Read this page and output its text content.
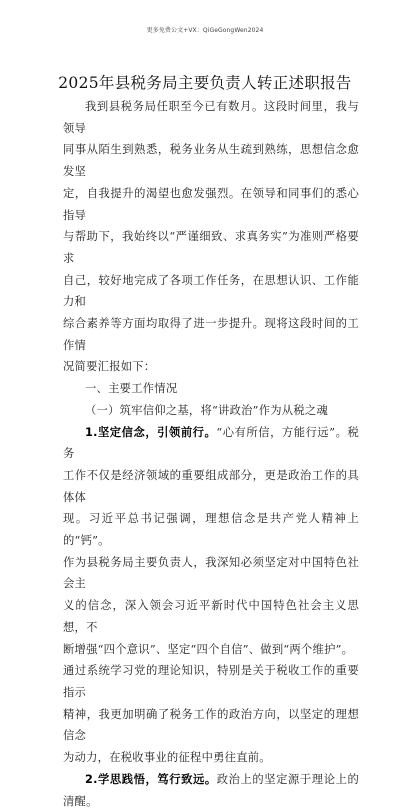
更多免费公文+VX：QiGeGongWen2024
2025年县税务局主要负责人转正述职报告
我到县税务局任职至今已有数月。这段时间里，我与领导
同事从陌生到熟悉，税务业务从生疏到熟练，思想信念愈发坚
定，自我提升的渴望也愈发强烈。在领导和同事们的悉心指导
与帮助下，我始终以“严谨细致、求真务实”为准则严格要求
自己，较好地完成了各项工作任务，在思想认识、工作能力和
综合素养等方面均取得了进一步提升。现将这段时间的工作情
况简要汇报如下：
一、主要工作情况
（一）筑牢信仰之基，将“讲政治”作为从税之魂
1.坚定信念，引领前行。“心有所信，方能行远”。税务
工作不仅是经济领域的重要组成部分，更是政治工作的具体体
现。习近平总书记强调，理想信念是共产党人精神上的“钙”。
作为县税务局主要负责人，我深知必须坚定对中国特色社会主
义的信念，深入领会习近平新时代中国特色社会主义思想，不
断增强“四个意识”、坚定“四个自信”、做到“两个维护”。
通过系统学习党的理论知识，特别是关于税收工作的重要指示
精神，我更加明确了税务工作的政治方向，以坚定的理想信念
为动力，在税收事业的征程中勇往直前。
2.学思践悟，笃行致远。政治上的坚定源于理论上的清醒。
